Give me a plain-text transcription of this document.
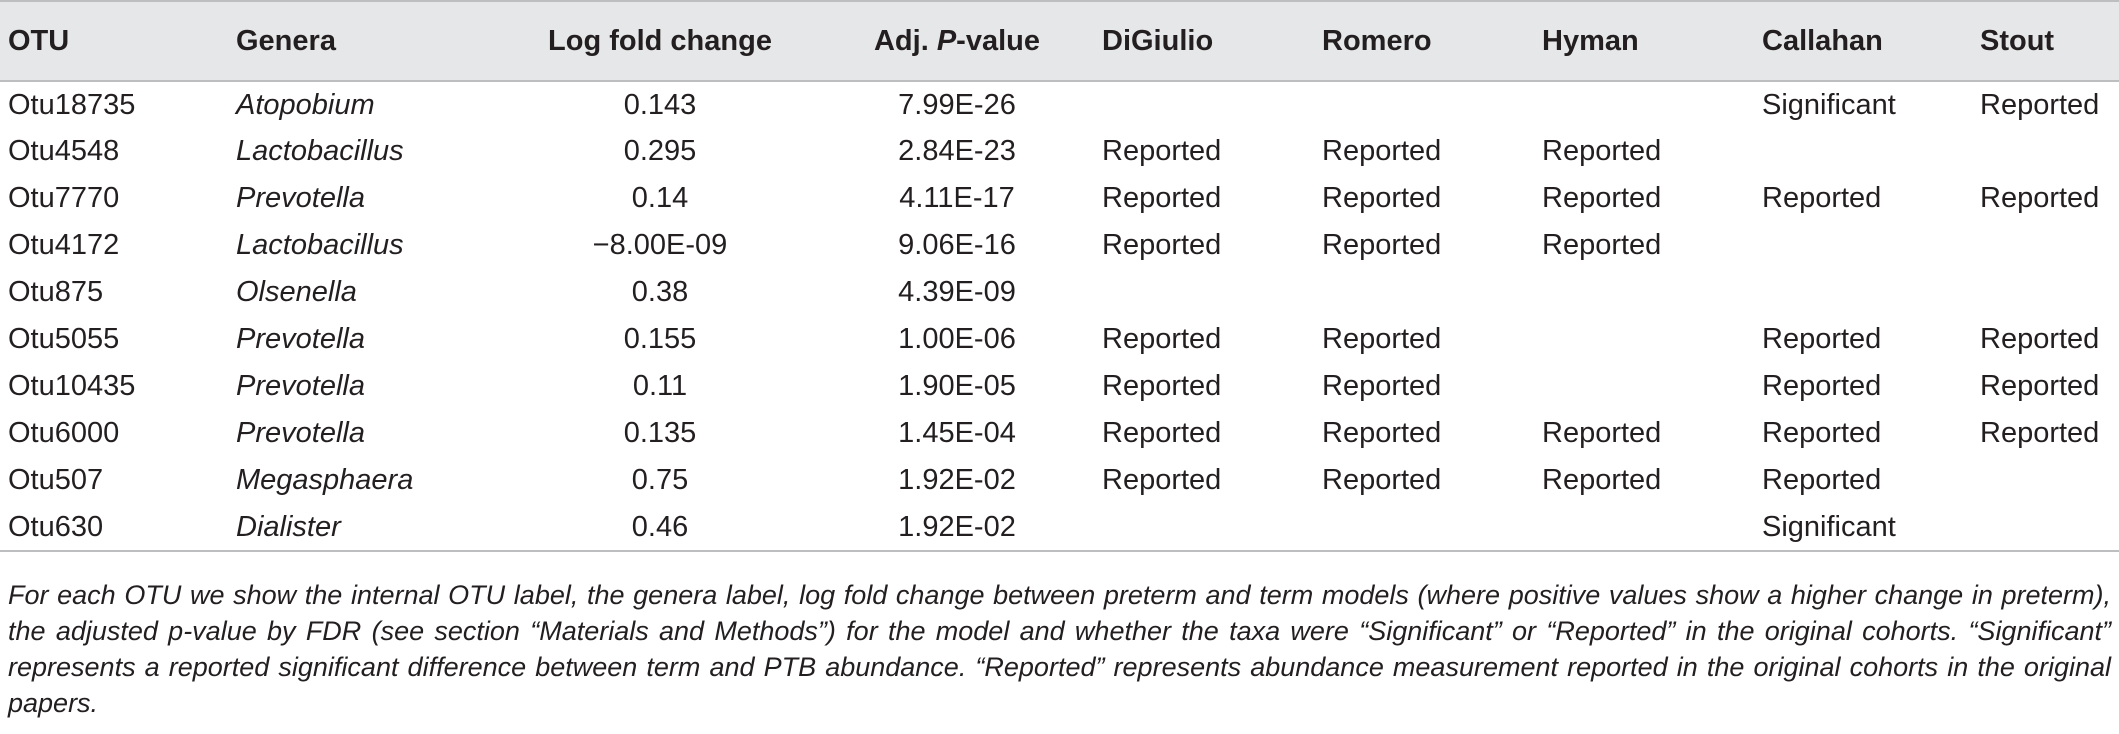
OTU	Genera	Log fold change	Adj. P-value	DiGiulio	Romero	Hyman	Callahan	Stout
Otu18735	Atopobium	0.143	7.99E-26				Significant	Reported
Otu4548	Lactobacillus	0.295	2.84E-23	Reported	Reported	Reported		
Otu7770	Prevotella	0.14	4.11E-17	Reported	Reported	Reported	Reported	Reported
Otu4172	Lactobacillus	−8.00E-09	9.06E-16	Reported	Reported	Reported		
Otu875	Olsenella	0.38	4.39E-09					
Otu5055	Prevotella	0.155	1.00E-06	Reported	Reported		Reported	Reported
Otu10435	Prevotella	0.11	1.90E-05	Reported	Reported		Reported	Reported
Otu6000	Prevotella	0.135	1.45E-04	Reported	Reported	Reported	Reported	Reported
Otu507	Megasphaera	0.75	1.92E-02	Reported	Reported	Reported	Reported	
Otu630	Dialister	0.46	1.92E-02				Significant	
For each OTU we show the internal OTU label, the genera label, log fold change between preterm and term models (where positive values show a higher change in preterm), the adjusted p-value by FDR (see section “Materials and Methods”) for the model and whether the taxa were “Significant” or “Reported” in the original cohorts. “Significant” represents a reported significant difference between term and PTB abundance. “Reported” represents abundance measurement reported in the original cohorts in the original papers.
